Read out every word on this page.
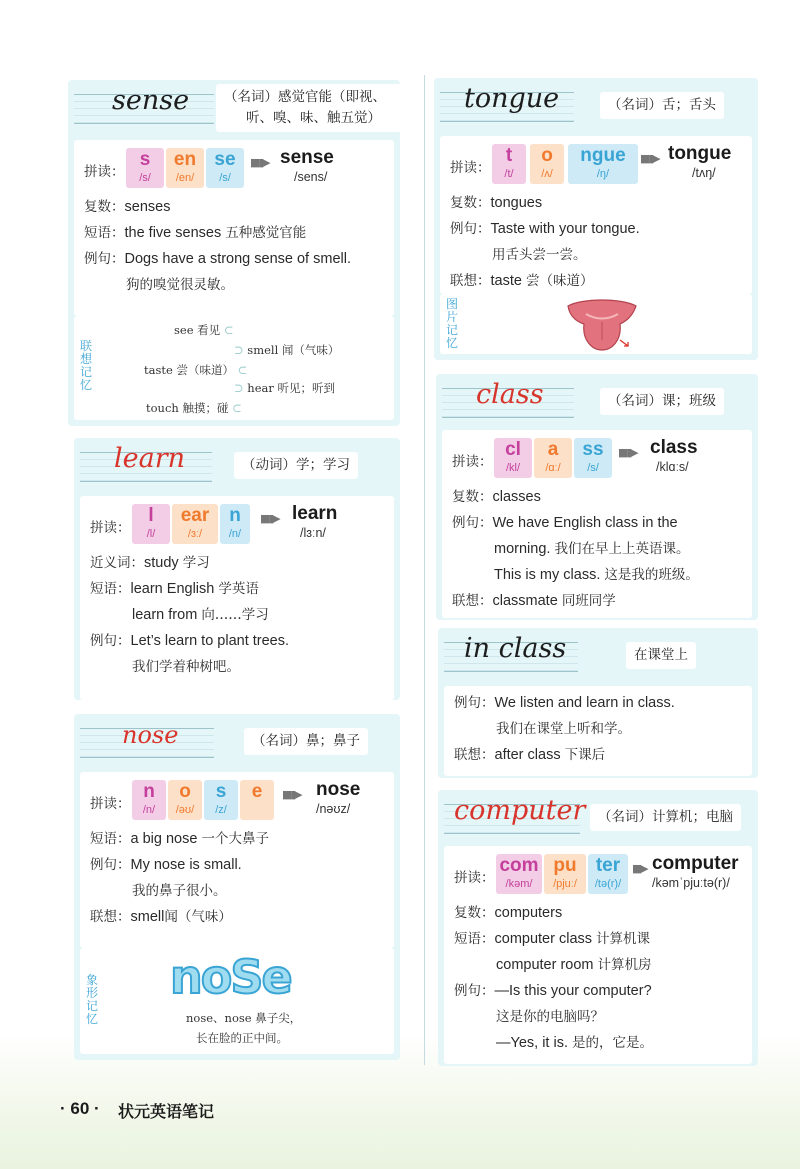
sense	（名词）感觉官能（即视、
听、嗅、味、触五觉）
拼读：
s
/s/
en
/en/
se
/s/
▮▮▮▶ sense
/sens/
复数：senses
短语：the five senses 五种感觉官能
例句：Dogs have a strong sense of smell.
狗的嗅觉很灵敏。
联想记忆
see 看见 ⊂
⊃ smell 闻（气味）
taste 尝（味道） ⊂
⊃ hear 听见；听到
touch 触摸；碰 ⊂
learn	（动词）学；学习
拼读：
l
/l/
ear
/ɜː/
n
/n/
▮▮▮▶ learn
/lɜːn/
近义词：study 学习
短语：learn English 学英语
learn from 向……学习
例句：Let’s learn to plant trees.
我们学着种树吧。
nose	（名词）鼻；鼻子
拼读：
n
/n/
o
/əʊ/
s
/z/
e	▮▮▮▶ nose
/nəʊz/
短语：a big nose 一个大鼻子
例句：My nose is small.
我的鼻子很小。
联想：smell闻（气味）
象形记忆
noSe
nose、nose 鼻子尖，
长在脸的正中间。
tongue	（名词）舌；舌头
拼读：
t
/t/
o
/ʌ/
ngue
/ŋ/
▮▮▮▶ tongue
/tʌŋ/
复数：tongues
例句：Taste with your tongue.
用舌头尝一尝。
联想：taste 尝（味道）
图片记忆
class	（名词）课；班级
拼读：
cl
/kl/
a
/ɑː/
ss
/s/
▮▮▮▶ class
/klɑːs/
复数：classes
例句：We have English class in the
morning. 我们在早上上英语课。
This is my class. 这是我的班级。
联想：classmate 同班同学
in class	在课堂上
例句：We listen and learn in class.
我们在课堂上听和学。
联想：after class 下课后
computer （名词）计算机；电脑
拼读：
com
/kəm/
pu
/pjuː/
ter
/tə(r)/
▮▮▶ computer
/kəmˈpjuːtə(r)/
复数：computers
短语：computer class 计算机课
computer room 计算机房
例句：—Is this your computer?
这是你的电脑吗？
—Yes, it is. 是的，它是。
· 60 · 状元英语笔记
